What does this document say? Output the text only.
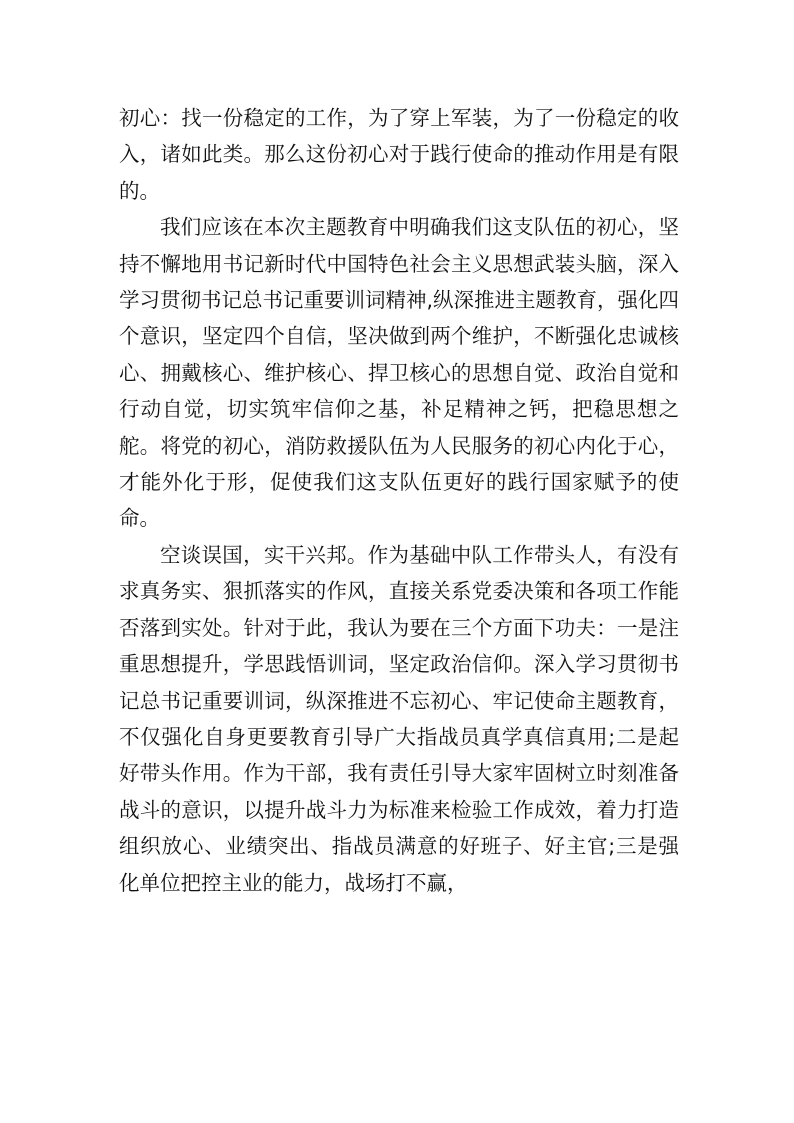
初心：找一份稳定的工作，为了穿上军装，为了一份稳定的收入，诸如此类。那么这份初心对于践行使命的推动作用是有限的。

我们应该在本次主题教育中明确我们这支队伍的初心，坚持不懈地用书记新时代中国特色社会主义思想武装头脑，深入学习贯彻书记总书记重要训词精神,纵深推进主题教育，强化四个意识，坚定四个自信，坚决做到两个维护，不断强化忠诚核心、拥戴核心、维护核心、捍卫核心的思想自觉、政治自觉和行动自觉，切实筑牢信仰之基，补足精神之钙，把稳思想之舵。将党的初心，消防救援队伍为人民服务的初心内化于心，才能外化于形，促使我们这支队伍更好的践行国家赋予的使命。

空谈误国，实干兴邦。作为基础中队工作带头人，有没有求真务实、狠抓落实的作风，直接关系党委决策和各项工作能否落到实处。针对于此，我认为要在三个方面下功夫：一是注重思想提升，学思践悟训词，坚定政治信仰。深入学习贯彻书记总书记重要训词，纵深推进不忘初心、牢记使命主题教育，不仅强化自身更要教育引导广大指战员真学真信真用;二是起好带头作用。作为干部，我有责任引导大家牢固树立时刻准备战斗的意识，以提升战斗力为标准来检验工作成效，着力打造组织放心、业绩突出、指战员满意的好班子、好主官;三是强化单位把控主业的能力，战场打不赢，
